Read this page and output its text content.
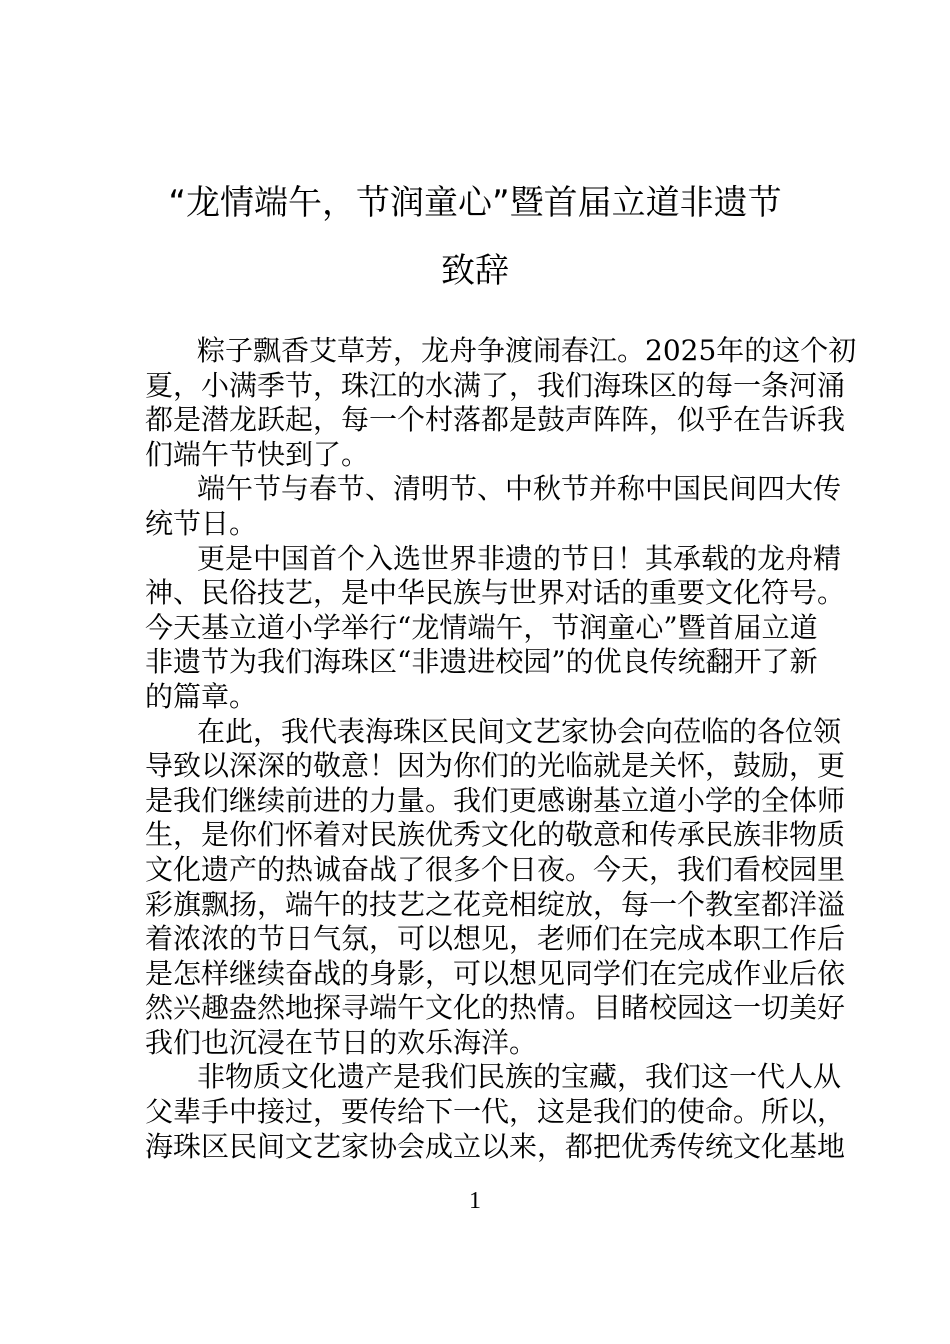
“龙情端午，节润童心”暨首届立道非遗节
致辞
粽子飘香艾草芳，龙舟争渡闹春江。2025年的这个初
夏，小满季节，珠江的水满了，我们海珠区的每一条河涌
都是潜龙跃起，每一个村落都是鼓声阵阵，似乎在告诉我
们端午节快到了。
端午节与春节、清明节、中秋节并称中国民间四大传
统节日。
更是中国首个入选世界非遗的节日！其承载的龙舟精
神、民俗技艺，是中华民族与世界对话的重要文化符号。
今天基立道小学举行“龙情端午，节润童心”暨首届立道
非遗节为我们海珠区“非遗进校园”的优良传统翻开了新
的篇章。
在此，我代表海珠区民间文艺家协会向莅临的各位领
导致以深深的敬意！因为你们的光临就是关怀，鼓励，更
是我们继续前进的力量。我们更感谢基立道小学的全体师
生，是你们怀着对民族优秀文化的敬意和传承民族非物质
文化遗产的热诚奋战了很多个日夜。今天，我们看校园里
彩旗飘扬，端午的技艺之花竞相绽放，每一个教室都洋溢
着浓浓的节日气氛，可以想见，老师们在完成本职工作后
是怎样继续奋战的身影，可以想见同学们在完成作业后依
然兴趣盎然地探寻端午文化的热情。目睹校园这一切美好
我们也沉浸在节日的欢乐海洋。
非物质文化遗产是我们民族的宝藏，我们这一代人从
父辈手中接过，要传给下一代，这是我们的使命。所以，
海珠区民间文艺家协会成立以来，都把优秀传统文化基地
1
